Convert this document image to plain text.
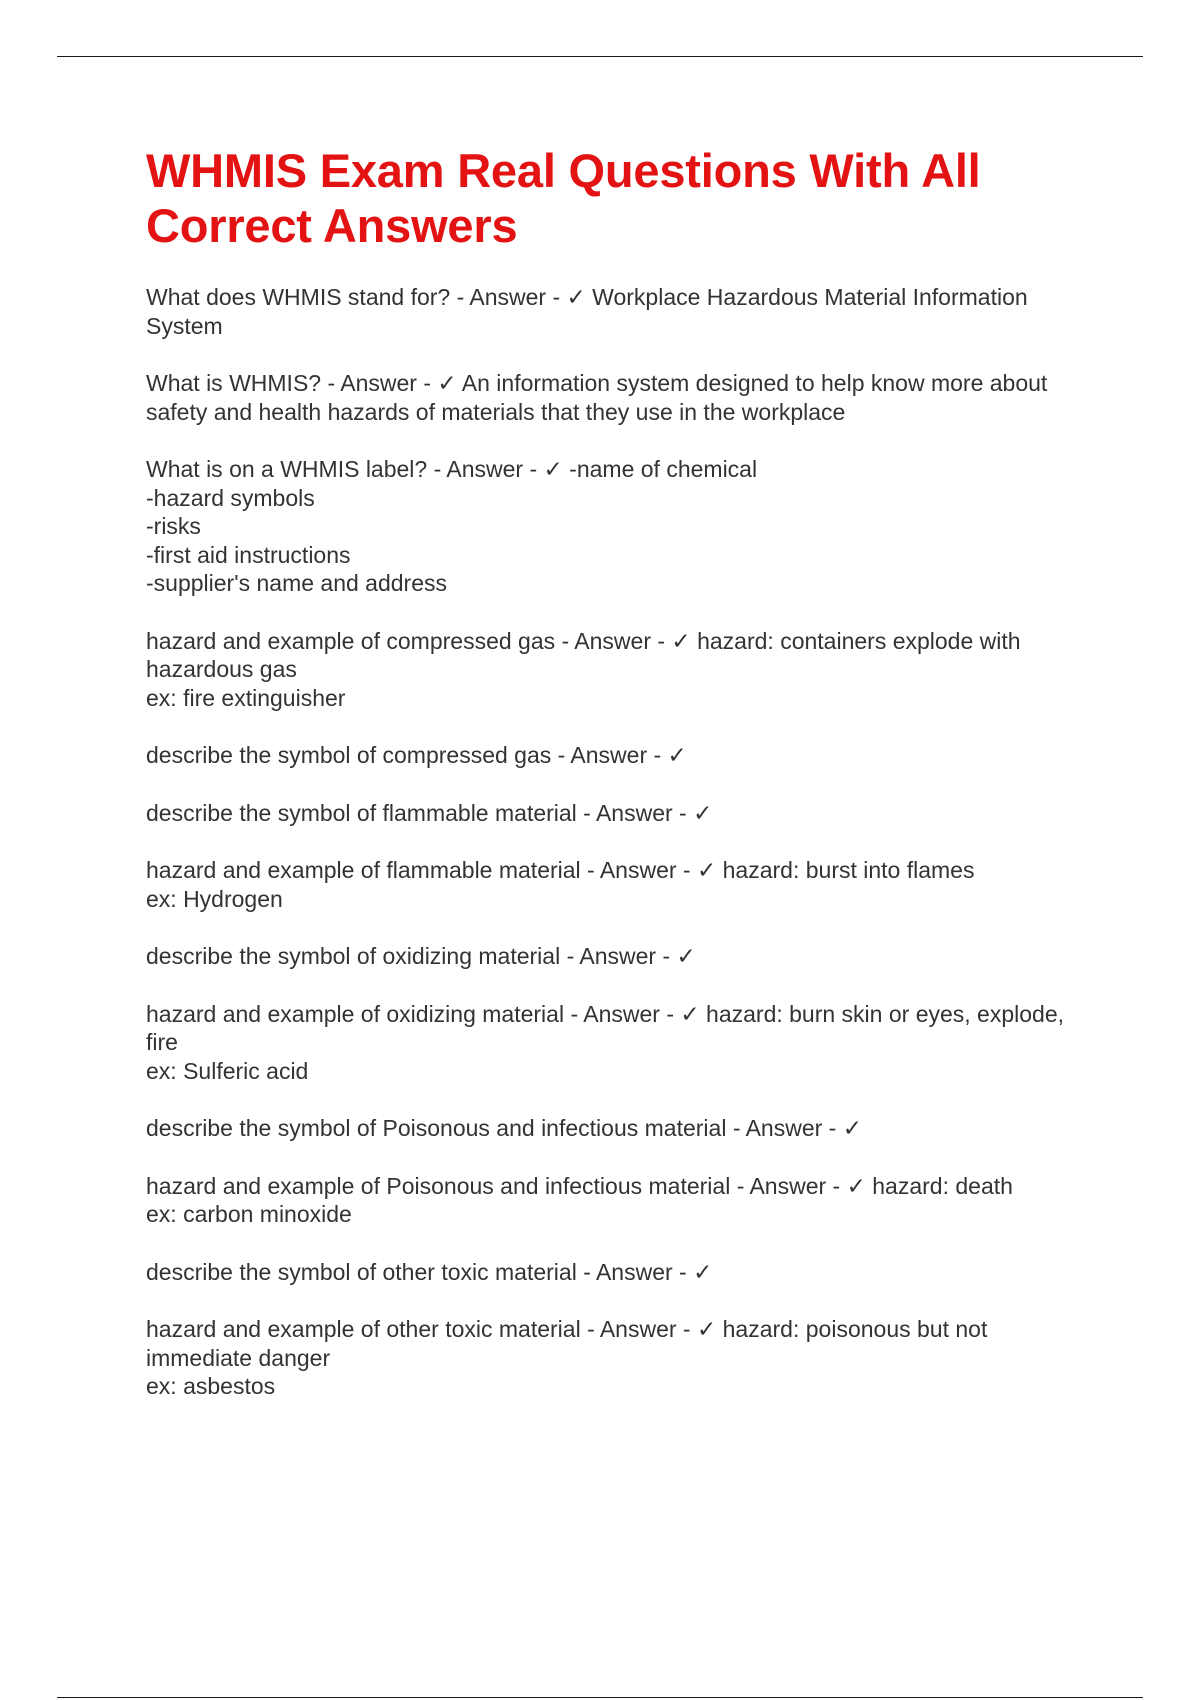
WHMIS Exam Real Questions With All Correct Answers
What does WHMIS stand for? - Answer - ✓ Workplace Hazardous Material Information System
What is WHMIS? - Answer - ✓ An information system designed to help know more about safety and health hazards of materials that they use in the workplace
What is on a WHMIS label? - Answer - ✓ -name of chemical
-hazard symbols
-risks
-first aid instructions
-supplier's name and address
hazard and example of compressed gas - Answer - ✓ hazard: containers explode with hazardous gas
ex: fire extinguisher
describe the symbol of compressed gas - Answer - ✓
describe the symbol of flammable material - Answer - ✓
hazard and example of flammable material - Answer - ✓ hazard: burst into flames
ex: Hydrogen
describe the symbol of oxidizing material - Answer - ✓
hazard and example of oxidizing material - Answer - ✓ hazard: burn skin or eyes, explode, fire
ex: Sulferic acid
describe the symbol of Poisonous and infectious material - Answer - ✓
hazard and example of Poisonous and infectious material - Answer - ✓ hazard: death
ex: carbon minoxide
describe the symbol of other toxic material - Answer - ✓
hazard and example of other toxic material - Answer - ✓ hazard: poisonous but not immediate danger
ex: asbestos
